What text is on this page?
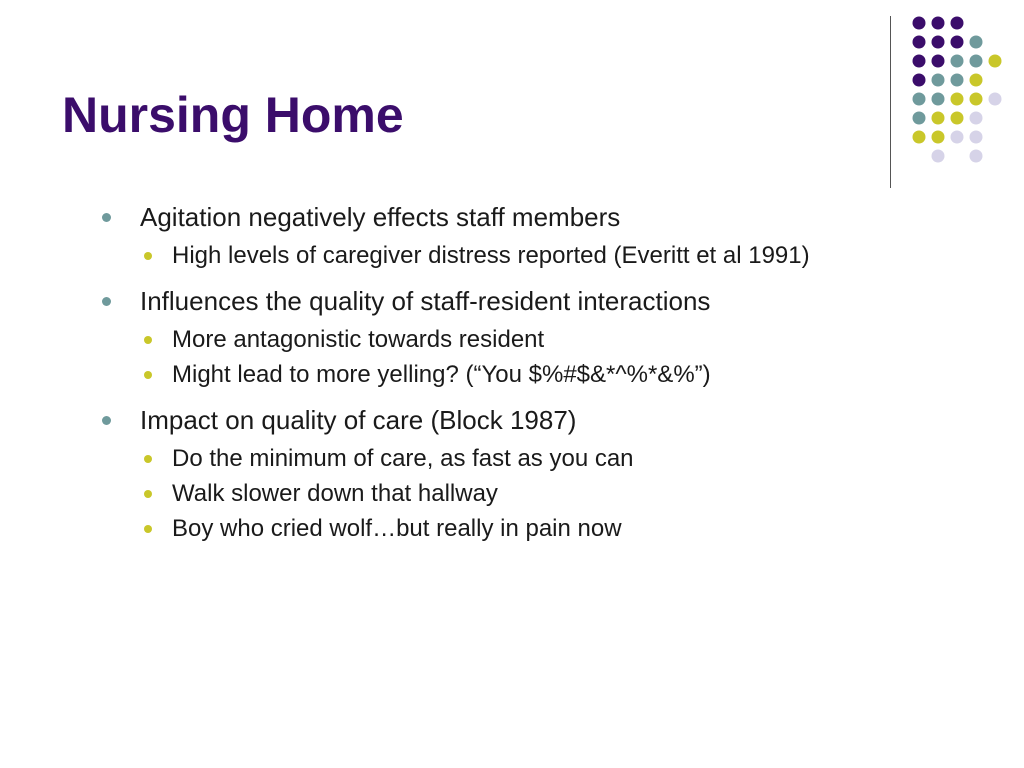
Nursing Home
Agitation negatively effects staff members
High levels of caregiver distress reported (Everitt et al 1991)
Influences the quality of staff-resident interactions
More antagonistic towards resident
Might lead to more yelling? (“You $%#$&*^%*&%”)
Impact on quality of care (Block 1987)
Do the minimum of care, as fast as you can
Walk slower down that hallway
Boy who cried wolf…but really in pain now
